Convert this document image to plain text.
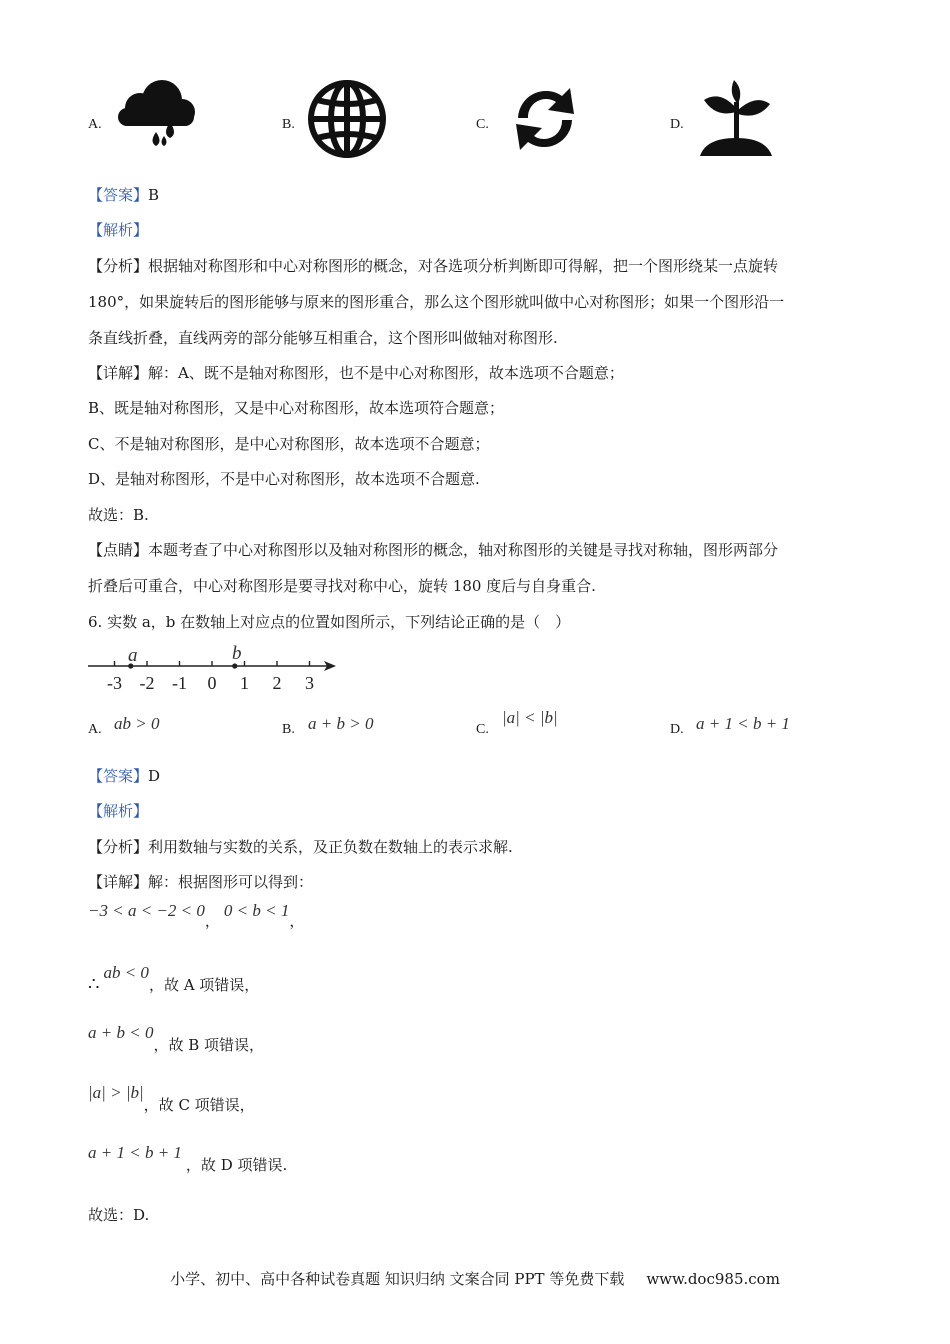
A.	B.	C.	D.
【答案】B
【解析】
【分析】根据轴对称图形和中心对称图形的概念，对各选项分析判断即可得解，把一个图形绕某一点旋转
180°，如果旋转后的图形能够与原来的图形重合，那么这个图形就叫做中心对称图形；如果一个图形沿一
条直线折叠，直线两旁的部分能够互相重合，这个图形叫做轴对称图形.
【详解】解：A、既不是轴对称图形，也不是中心对称图形，故本选项不合题意；
B、既是轴对称图形，又是中心对称图形，故本选项符合题意；
C、不是轴对称图形，是中心对称图形，故本选项不合题意；
D、是轴对称图形，不是中心对称图形，故本选项不合题意.
故选：B.
【点睛】本题考查了中心对称图形以及轴对称图形的概念，轴对称图形的关键是寻找对称轴，图形两部分
折叠后可重合，中心对称图形是要寻找对称中心，旋转 180 度后与自身重合.
6. 实数 a，b 在数轴上对应点的位置如图所示，下列结论正确的是（　）
-3 -2 -1 0 1 2 3
a	b
A. ab > 0	B. a + b > 0	C.
|a| < |b|
D. a + 1 < b + 1
【答案】D
【解析】
【分析】利用数轴与实数的关系，及正负数在数轴上的表示求解.
【详解】解：根据图形可以得到：
−3 < a < −2 < 0，0 < b < 1，
∴ab < 0，故 A 项错误，
a + b < 0，故 B 项错误，
|a| > |b|，故 C 项错误，
a + 1 < b + 1，故 D 项错误.
故选：D.
小学、初中、高中各种试卷真题 知识归纳 文案合同 PPT 等免费下载 www.doc985.com
